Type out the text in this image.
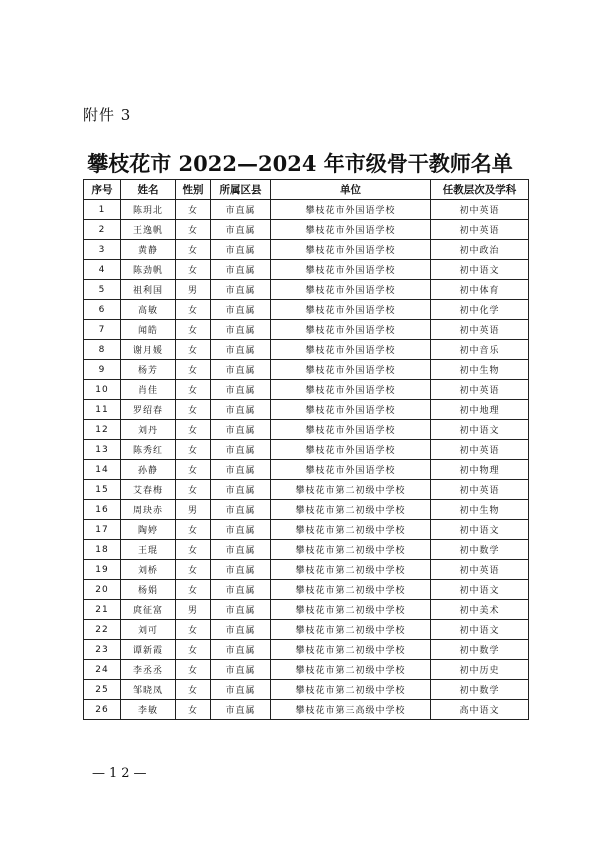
附件 3
攀枝花市 2022—2024 年市级骨干教师名单
序号	姓名	性别	所属区县	单位	任教层次及学科
1	陈玥北	女	市直属	攀枝花市外国语学校	初中英语
2	王逸帆	女	市直属	攀枝花市外国语学校	初中英语
3	黄静	女	市直属	攀枝花市外国语学校	初中政治
4	陈劲帆	女	市直属	攀枝花市外国语学校	初中语文
5	祖利国	男	市直属	攀枝花市外国语学校	初中体育
6	高敏	女	市直属	攀枝花市外国语学校	初中化学
7	闻皓	女	市直属	攀枝花市外国语学校	初中英语
8	谢月媛	女	市直属	攀枝花市外国语学校	初中音乐
9	杨芳	女	市直属	攀枝花市外国语学校	初中生物
10	肖佳	女	市直属	攀枝花市外国语学校	初中英语
11	罗绍春	女	市直属	攀枝花市外国语学校	初中地理
12	刘丹	女	市直属	攀枝花市外国语学校	初中语文
13	陈秀红	女	市直属	攀枝花市外国语学校	初中英语
14	孙静	女	市直属	攀枝花市外国语学校	初中物理
15	艾春梅	女	市直属	攀枝花市第二初级中学校	初中英语
16	周玦赤	男	市直属	攀枝花市第二初级中学校	初中生物
17	陶婷	女	市直属	攀枝花市第二初级中学校	初中语文
18	王琨	女	市直属	攀枝花市第二初级中学校	初中数学
19	刘桥	女	市直属	攀枝花市第二初级中学校	初中英语
20	杨娟	女	市直属	攀枝花市第二初级中学校	初中语文
21	庹征富	男	市直属	攀枝花市第二初级中学校	初中美术
22	刘可	女	市直属	攀枝花市第二初级中学校	初中语文
23	谭新霞	女	市直属	攀枝花市第二初级中学校	初中数学
24	李丞丞	女	市直属	攀枝花市第二初级中学校	初中历史
25	邹晓凤	女	市直属	攀枝花市第二初级中学校	初中数学
26	李敏	女	市直属	攀枝花市第三高级中学校	高中语文
—12—
